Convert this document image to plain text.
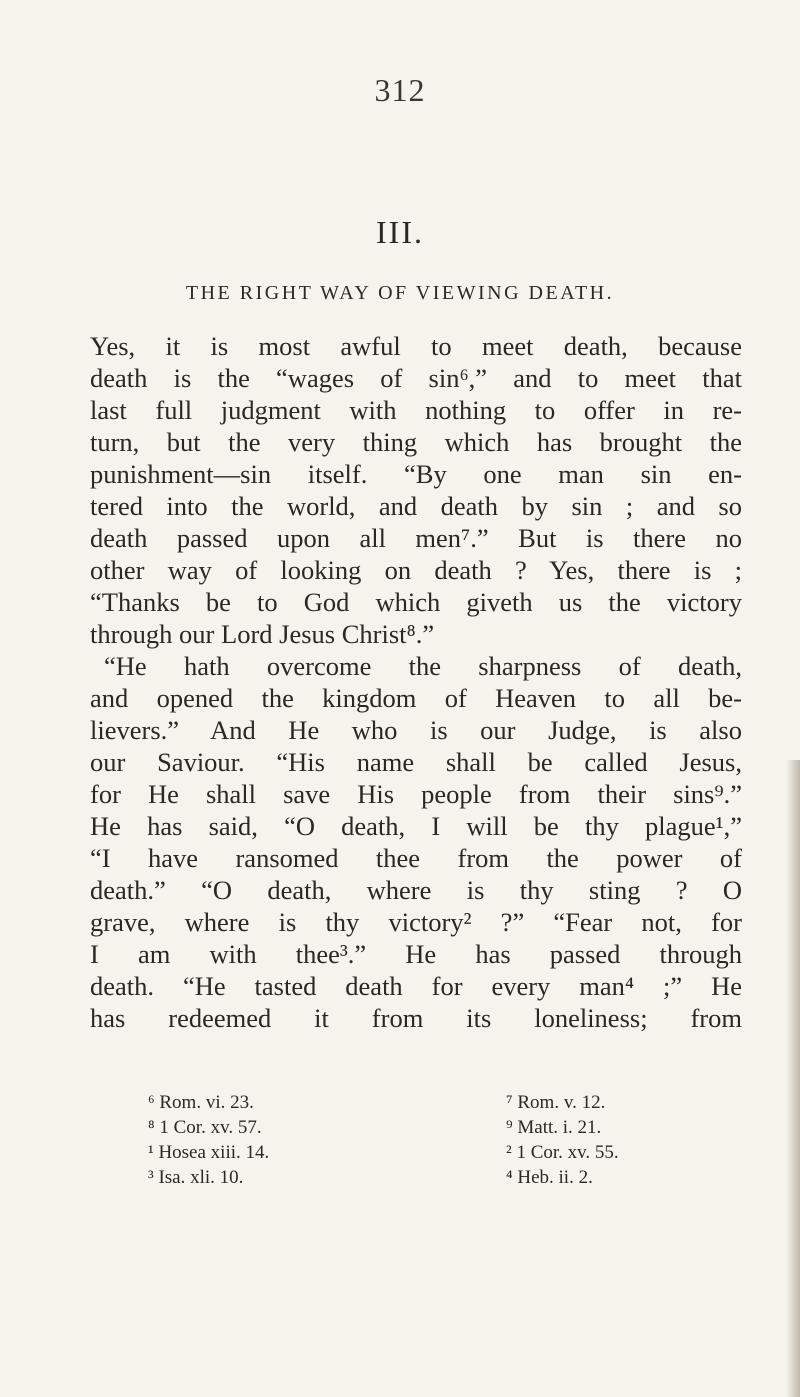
312
III.
THE RIGHT WAY OF VIEWING DEATH.
Yes, it is most awful to meet death, because
death is the “wages of sin⁶,” and to meet that
last full judgment with nothing to offer in re-
turn, but the very thing which has brought the
punishment—sin itself. “By one man sin en-
tered into the world, and death by sin ; and so
death passed upon all men⁷.” But is there no
other way of looking on death ? Yes, there is ;
“Thanks be to God which giveth us the victory
through our Lord Jesus Christ⁸.”
“He hath overcome the sharpness of death,
and opened the kingdom of Heaven to all be-
lievers.” And He who is our Judge, is also
our Saviour. “His name shall be called Jesus,
for He shall save His people from their sins⁹.”
He has said, “O death, I will be thy plague¹,”
“I have ransomed thee from the power of
death.” “O death, where is thy sting ? O
grave, where is thy victory² ?” “Fear not, for
I am with thee³.” He has passed through
death. “He tasted death for every man⁴ ;” He
has redeemed it from its loneliness; from
⁶ Rom. vi. 23.
⁸ 1 Cor. xv. 57.
¹ Hosea xiii. 14.
³ Isa. xli. 10.
⁷ Rom. v. 12.
⁹ Matt. i. 21.
² 1 Cor. xv. 55.
⁴ Heb. ii. 2.
